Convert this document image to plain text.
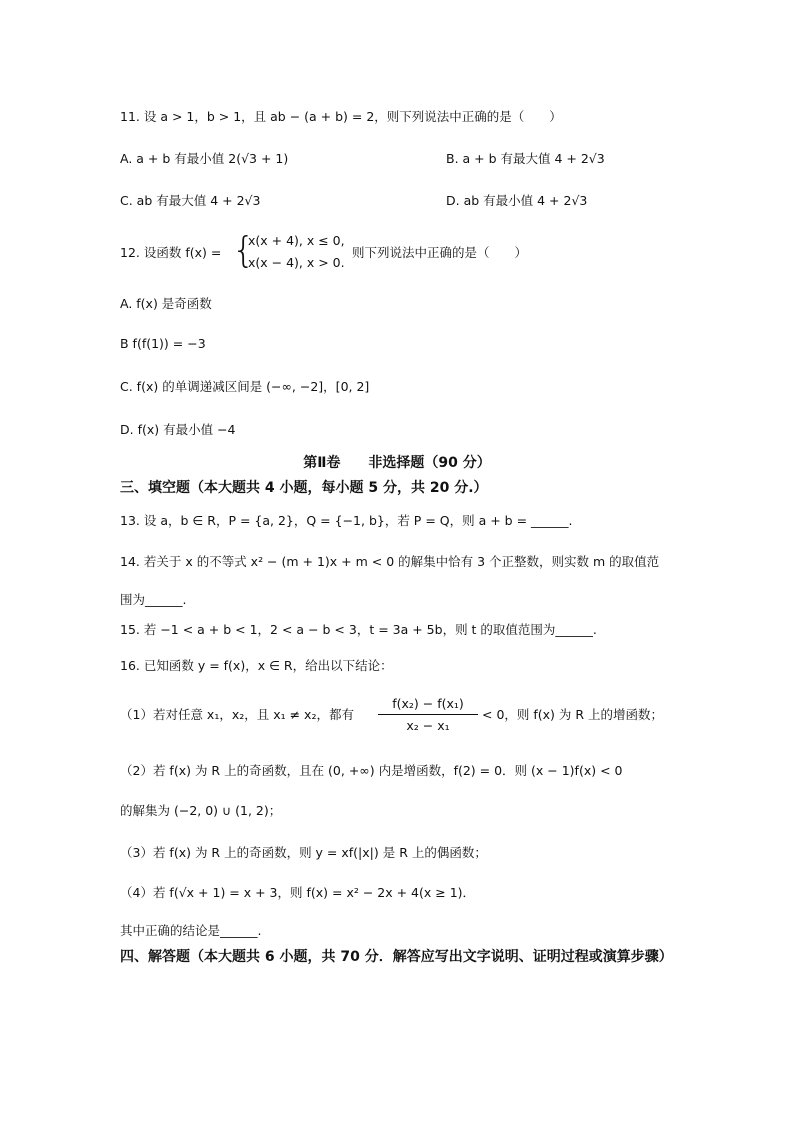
11. 设 a > 1，b > 1，且 ab − (a + b) = 2，则下列说法中正确的是（　　）
A. a + b 有最小值 2(√3 + 1)	B. a + b 有最大值 4 + 2√3
C. ab 有最大值 4 + 2√3	D. ab 有最小值 4 + 2√3
12. 设函数 f(x) = {
x(x + 4), x ≤ 0,
x(x − 4), x > 0.
则下列说法中正确的是（　　）
A. f(x) 是奇函数
B f(f(1)) = −3
C. f(x) 的单调递减区间是 (−∞, −2]，[0, 2]
D. f(x) 有最小值 −4
第Ⅱ卷　　非选择题（90 分）
三、填空题（本大题共 4 小题，每小题 5 分，共 20 分.）
13. 设 a，b ∈ R，P = {a, 2}，Q = {−1, b}，若 P = Q，则 a + b = ______.
14. 若关于 x 的不等式 x² − (m + 1)x + m < 0 的解集中恰有 3 个正整数，则实数 m 的取值范
围为______.
15. 若 −1 < a + b < 1，2 < a − b < 3，t = 3a + 5b，则 t 的取值范围为______.
16. 已知函数 y = f(x)，x ∈ R，给出以下结论：
（1）若对任意 x₁，x₂，且 x₁ ≠ x₂，都有
f(x₂) − f(x₁)
x₂ − x₁
< 0，则 f(x) 为 R 上的增函数；
（2）若 f(x) 为 R 上的奇函数，且在 (0, +∞) 内是增函数，f(2) = 0．则 (x − 1)f(x) < 0
的解集为 (−2, 0) ∪ (1, 2)；
（3）若 f(x) 为 R 上的奇函数，则 y = xf(|x|) 是 R 上的偶函数；
（4）若 f(√x + 1) = x + 3，则 f(x) = x² − 2x + 4(x ≥ 1)．
其中正确的结论是______.
四、解答题（本大题共 6 小题，共 70 分．解答应写出文字说明、证明过程或演算步骤）
